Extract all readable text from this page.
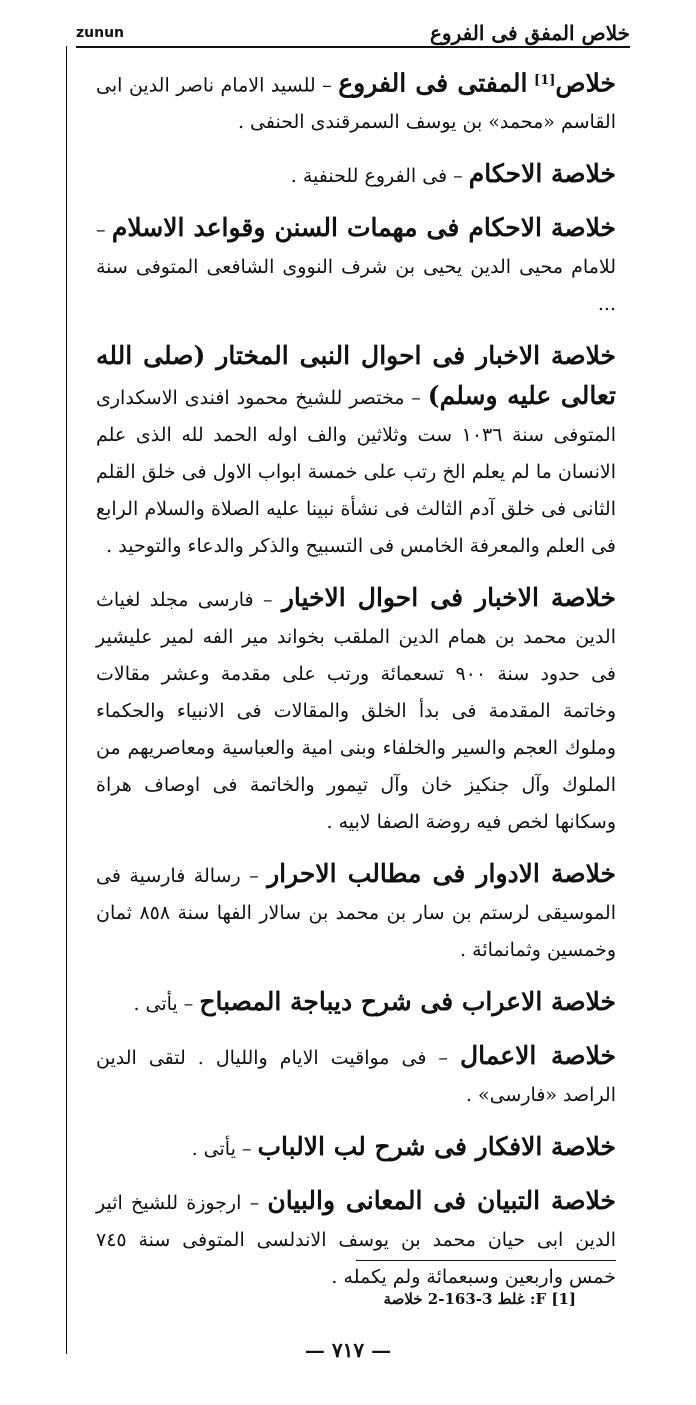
zunun	خلاص المفق فى الفروع

خلاص[1] المفتى فى الفروع – للسيد الامام ناصر الدين ابى القاسم «محمد» بن يوسف السمرقندى الحنفى .

خلاصة الاحكام – فى الفروع للحنفية .

خلاصة الاحكام فى مهمات السنن وقواعد الاسلام – للامام محيى الدين يحيى بن شرف النووى الشافعى المتوفى سنة ...

خلاصة الاخبار فى احوال النبى المختار (صلى الله تعالى عليه وسلم) – مختصر للشيخ محمود افندى الاسكدارى المتوفى سنة ١٠٣٦ ست وثلاثين والف اوله الحمد لله الذى علم الانسان ما لم يعلم الخ رتب على خمسة ابواب الاول فى خلق القلم الثانى فى خلق آدم الثالث فى نشأة نبينا عليه الصلاة والسلام الرابع فى العلم والمعرفة الخامس فى التسبيح والذكر والدعاء والتوحيد .

خلاصة الاخبار فى احوال الاخيار – فارسى مجلد لغياث الدين محمد بن همام الدين الملقب بخواند مير الفه لمير عليشير فى حدود سنة ٩٠٠ تسعمائة ورتب على مقدمة وعشر مقالات وخاتمة المقدمة فى بدأ الخلق والمقالات فى الانبياء والحكماء وملوك العجم والسير والخلفاء وبنى امية والعباسية ومعاصريهم من الملوك وآل جنكيز خان وآل تيمور والخاتمة فى اوصاف هراة وسكانها لخص فيه روضة الصفا لابيه .

خلاصة الادوار فى مطالب الاحرار – رسالة فارسية فى الموسيقى لرستم بن سار بن محمد بن سالار الفها سنة ٨٥٨ ثمان وخمسين وثمانمائة .

خلاصة الاعراب فى شرح ديباجة المصباح – يأتى .

خلاصة الاعمال – فى مواقيت الايام والليال . لتقى الدين الراصد «فارسى» .

خلاصة الافكار فى شرح لب الالباب – يأتى .

خلاصة التبيان فى المعانى والبيان – ارجوزة للشيخ اثير الدين ابى حيان محمد بن يوسف الاندلسى المتوفى سنة ٧٤٥ خمس واربعين وسبعمائة ولم يكمله .

[1] F: غلط 3-163-2 خلاصة
— ٧١٧ —
